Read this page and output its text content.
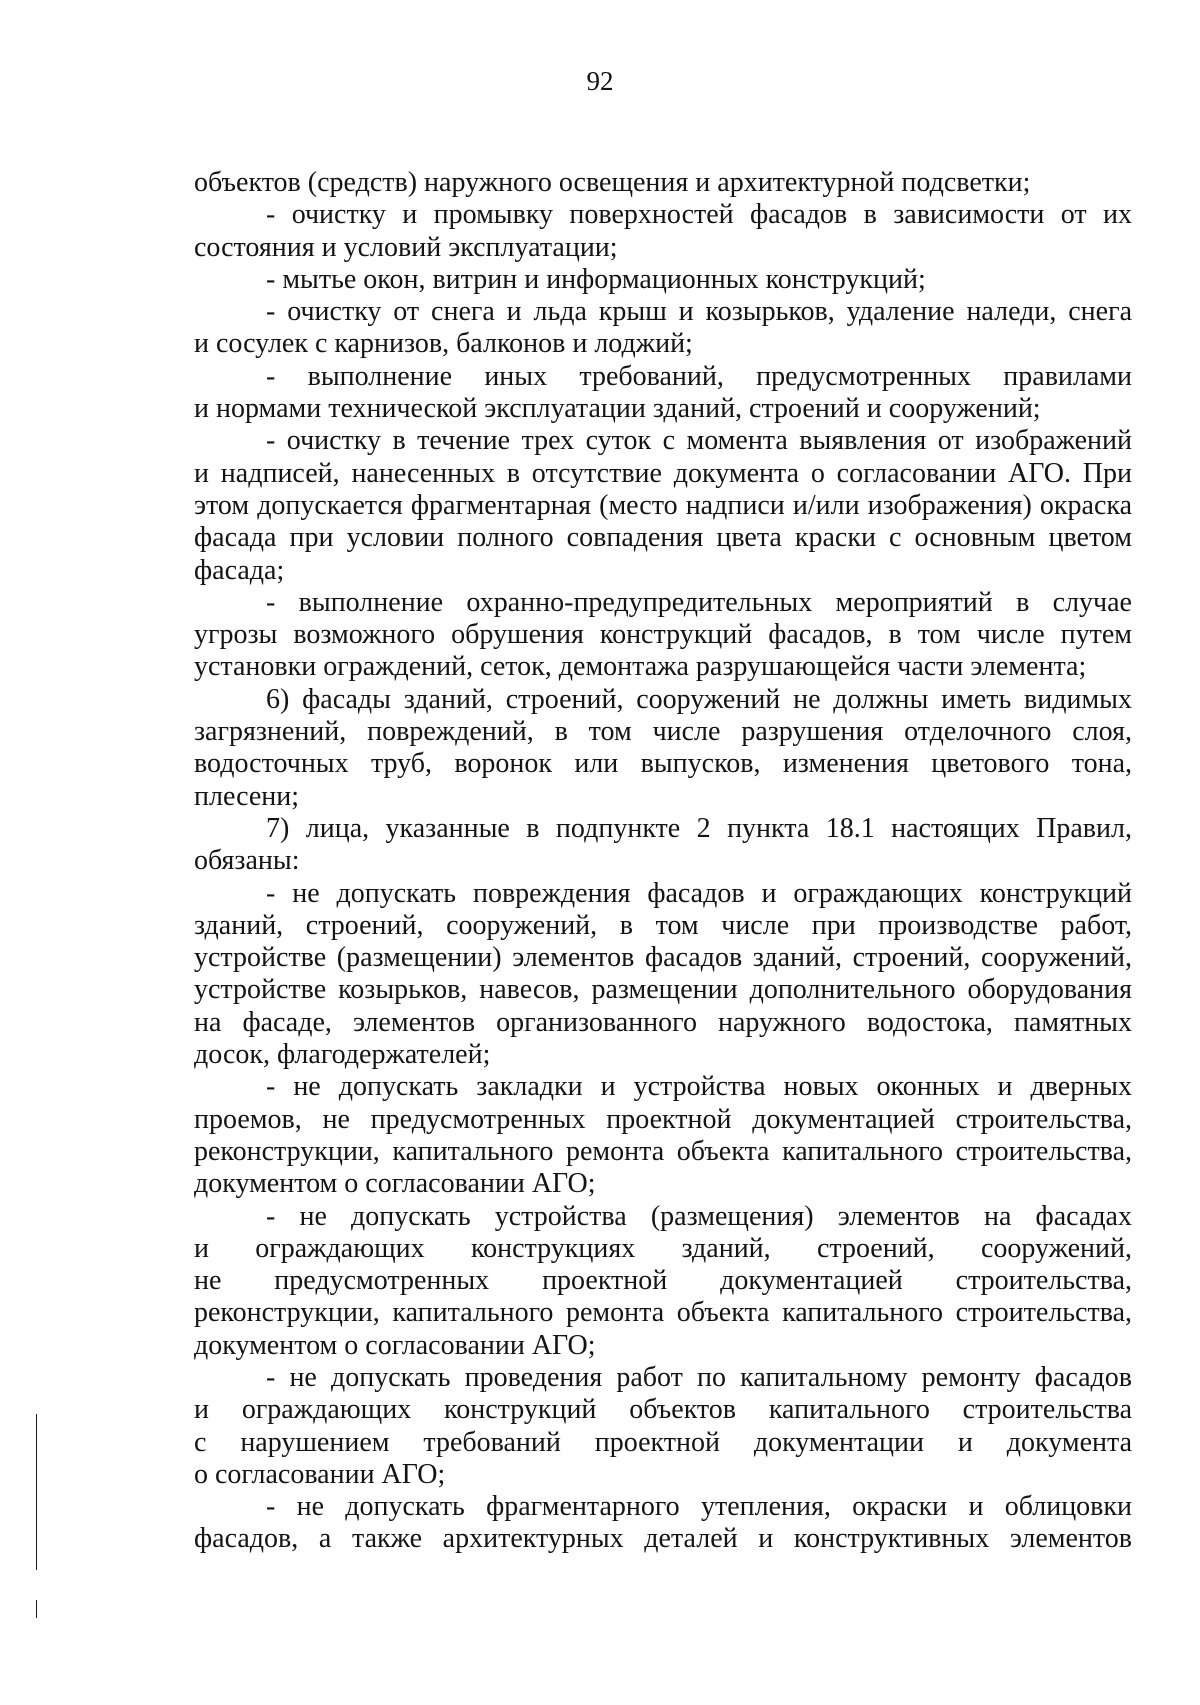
92
объектов (средств) наружного освещения и архитектурной подсветки;
- очистку и промывку поверхностей фасадов в зависимости от их
состояния и условий эксплуатации;
- мытье окон, витрин и информационных конструкций;
- очистку от снега и льда крыш и козырьков, удаление наледи, снега
и сосулек с карнизов, балконов и лоджий;
- выполнение иных требований, предусмотренных правилами
и нормами технической эксплуатации зданий, строений и сооружений;
- очистку в течение трех суток с момента выявления от изображений
и надписей, нанесенных в отсутствие документа о согласовании АГО. При
этом допускается фрагментарная (место надписи и/или изображения) окраска
фасада при условии полного совпадения цвета краски с основным цветом
фасада;
- выполнение охранно-предупредительных мероприятий в случае
угрозы возможного обрушения конструкций фасадов, в том числе путем
установки ограждений, сеток, демонтажа разрушающейся части элемента;
6) фасады зданий, строений, сооружений не должны иметь видимых
загрязнений, повреждений, в том числе разрушения отделочного слоя,
водосточных труб, воронок или выпусков, изменения цветового тона,
плесени;
7) лица, указанные в подпункте 2 пункта 18.1 настоящих Правил,
обязаны:
- не допускать повреждения фасадов и ограждающих конструкций
зданий, строений, сооружений, в том числе при производстве работ,
устройстве (размещении) элементов фасадов зданий, строений, сооружений,
устройстве козырьков, навесов, размещении дополнительного оборудования
на фасаде, элементов организованного наружного водостока, памятных
досок, флагодержателей;
- не допускать закладки и устройства новых оконных и дверных
проемов, не предусмотренных проектной документацией строительства,
реконструкции, капитального ремонта объекта капитального строительства,
документом о согласовании АГО;
- не допускать устройства (размещения) элементов на фасадах
и ограждающих конструкциях зданий, строений, сооружений,
не предусмотренных проектной документацией строительства,
реконструкции, капитального ремонта объекта капитального строительства,
документом о согласовании АГО;
- не допускать проведения работ по капитальному ремонту фасадов
и ограждающих конструкций объектов капитального строительства
с нарушением требований проектной документации и документа
о согласовании АГО;
- не допускать фрагментарного утепления, окраски и облицовки
фасадов, а также архитектурных деталей и конструктивных элементов
